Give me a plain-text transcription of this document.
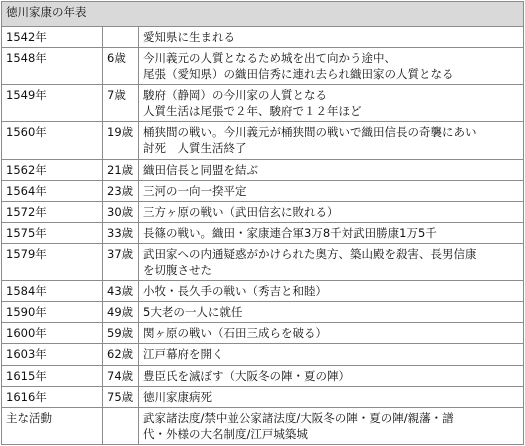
徳川家康の年表		
1542年		愛知県に生まれる

1548年	6歳	今川義元の人質となるため城を出て向かう途中、
尾張（愛知県）の織田信秀に連れ去られ織田家の人質となる

1549年	7歳	駿府（静岡）の今川家の人質となる
人質生活は尾張で２年、駿府で１２年ほど

1560年	19歳	桶狭間の戦い。今川義元が桶狭間の戦いで織田信長の奇襲にあい
討死　人質生活終了

1562年	21歳	織田信長と同盟を結ぶ

1564年	23歳	三河の一向一揆平定

1572年	30歳	三方ヶ原の戦い（武田信玄に敗れる）

1575年	33歳	長篠の戦い。織田・家康連合軍3万8千対武田勝康1万5千

1579年	37歳	武田家への内通疑惑がかけられた奥方、築山殿を殺害、長男信康
を切腹させた

1584年	43歳	小牧・長久手の戦い（秀吉と和睦）

1590年	49歳	5大老の一人に就任

1600年	59歳	関ヶ原の戦い（石田三成らを破る）

1603年	62歳	江戸幕府を開く

1615年	74歳	豊臣氏を滅ぼす（大阪冬の陣・夏の陣）

1616年	75歳	徳川家康病死

主な活動		武家諸法度/禁中並公家諸法度/大阪冬の陣・夏の陣/親藩・譜
代・外様の大名制度/江戸城築城
